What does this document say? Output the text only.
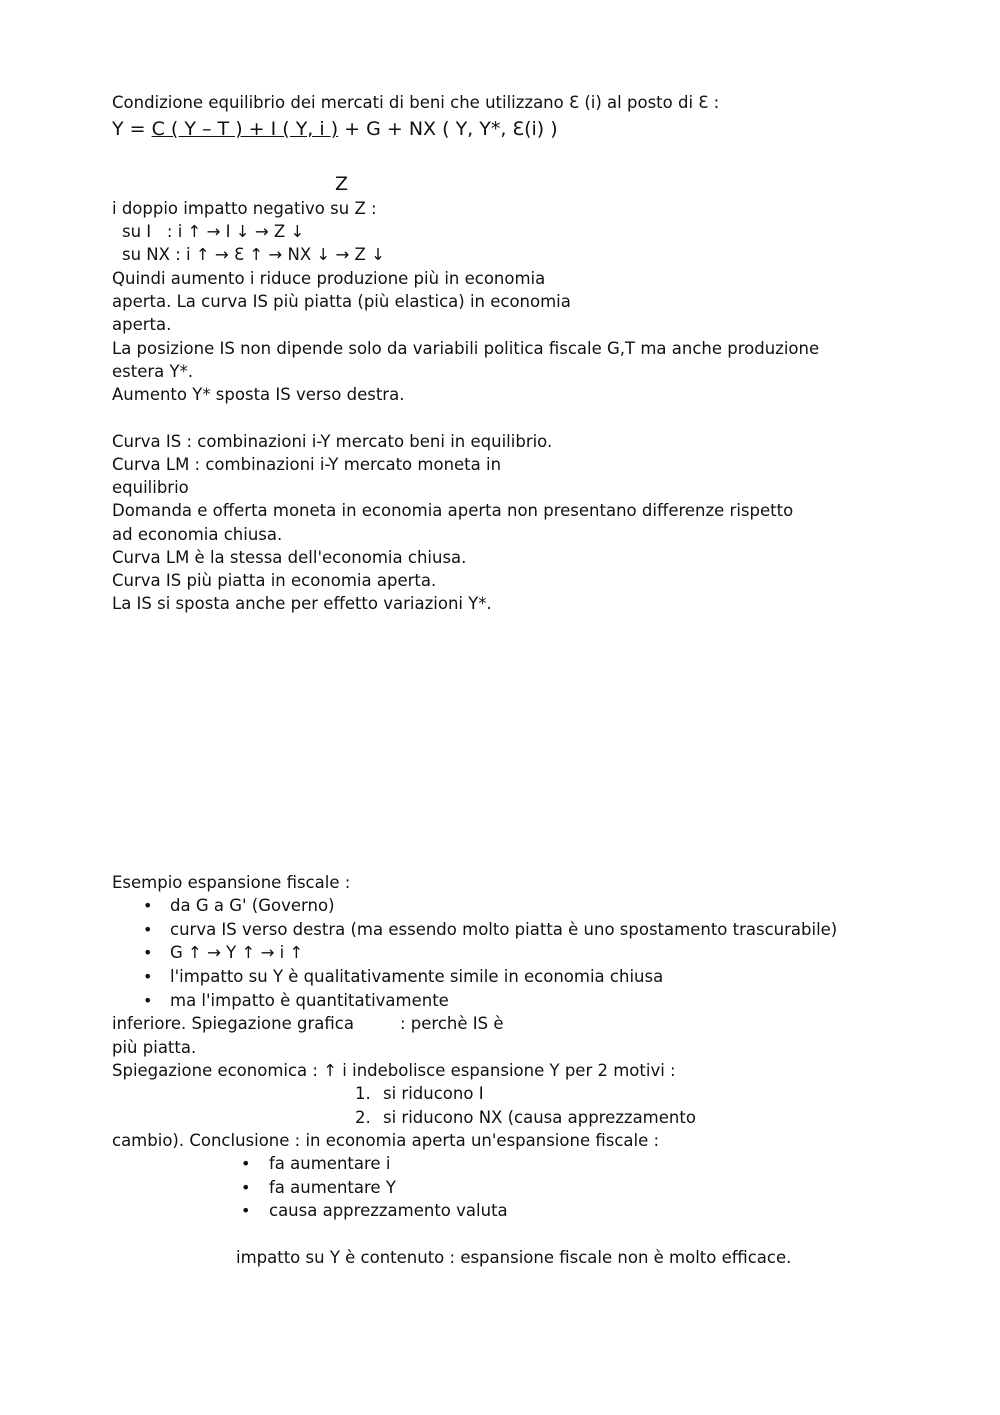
Condizione equilibrio dei mercati di beni che utilizzano Ɛ (i) al posto di Ɛ :
Y = C ( Y – T ) + I ( Y, i ) + G + NX ( Y, Y*, Ɛ(i) )
Z
i doppio impatto negativo su Z :
su I   : i ↑ → I ↓ → Z ↓
su NX : i ↑ → Ɛ ↑ → NX ↓ → Z ↓
Quindi aumento i riduce produzione più in economia
aperta. La curva IS più piatta (più elastica) in economia
aperta.
La posizione IS non dipende solo da variabili politica fiscale G,T ma anche produzione
estera Y*.
Aumento Y* sposta IS verso destra.
Curva IS : combinazioni i-Y mercato beni in equilibrio.
Curva LM : combinazioni i-Y mercato moneta in
equilibrio
Domanda e offerta moneta in economia aperta non presentano differenze rispetto
ad economia chiusa.
Curva LM è la stessa dell'economia chiusa.
Curva IS più piatta in economia aperta.
La IS si sposta anche per effetto variazioni Y*.
Esempio espansione fiscale :
• da G a G' (Governo)
• curva IS verso destra (ma essendo molto piatta è uno spostamento trascurabile)
• G ↑ → Y ↑ → i ↑
• l'impatto su Y è qualitativamente simile in economia chiusa
• ma l'impatto è quantitativamente
inferiore. Spiegazione grafica	: perchè IS è
più piatta.
Spiegazione economica : ↑ i indebolisce espansione Y per 2 motivi :
1. si riducono I
2. si riducono NX (causa apprezzamento
cambio). Conclusione : in economia aperta un'espansione fiscale :
• fa aumentare i
• fa aumentare Y
• causa apprezzamento valuta
impatto su Y è contenuto : espansione fiscale non è molto efficace.
